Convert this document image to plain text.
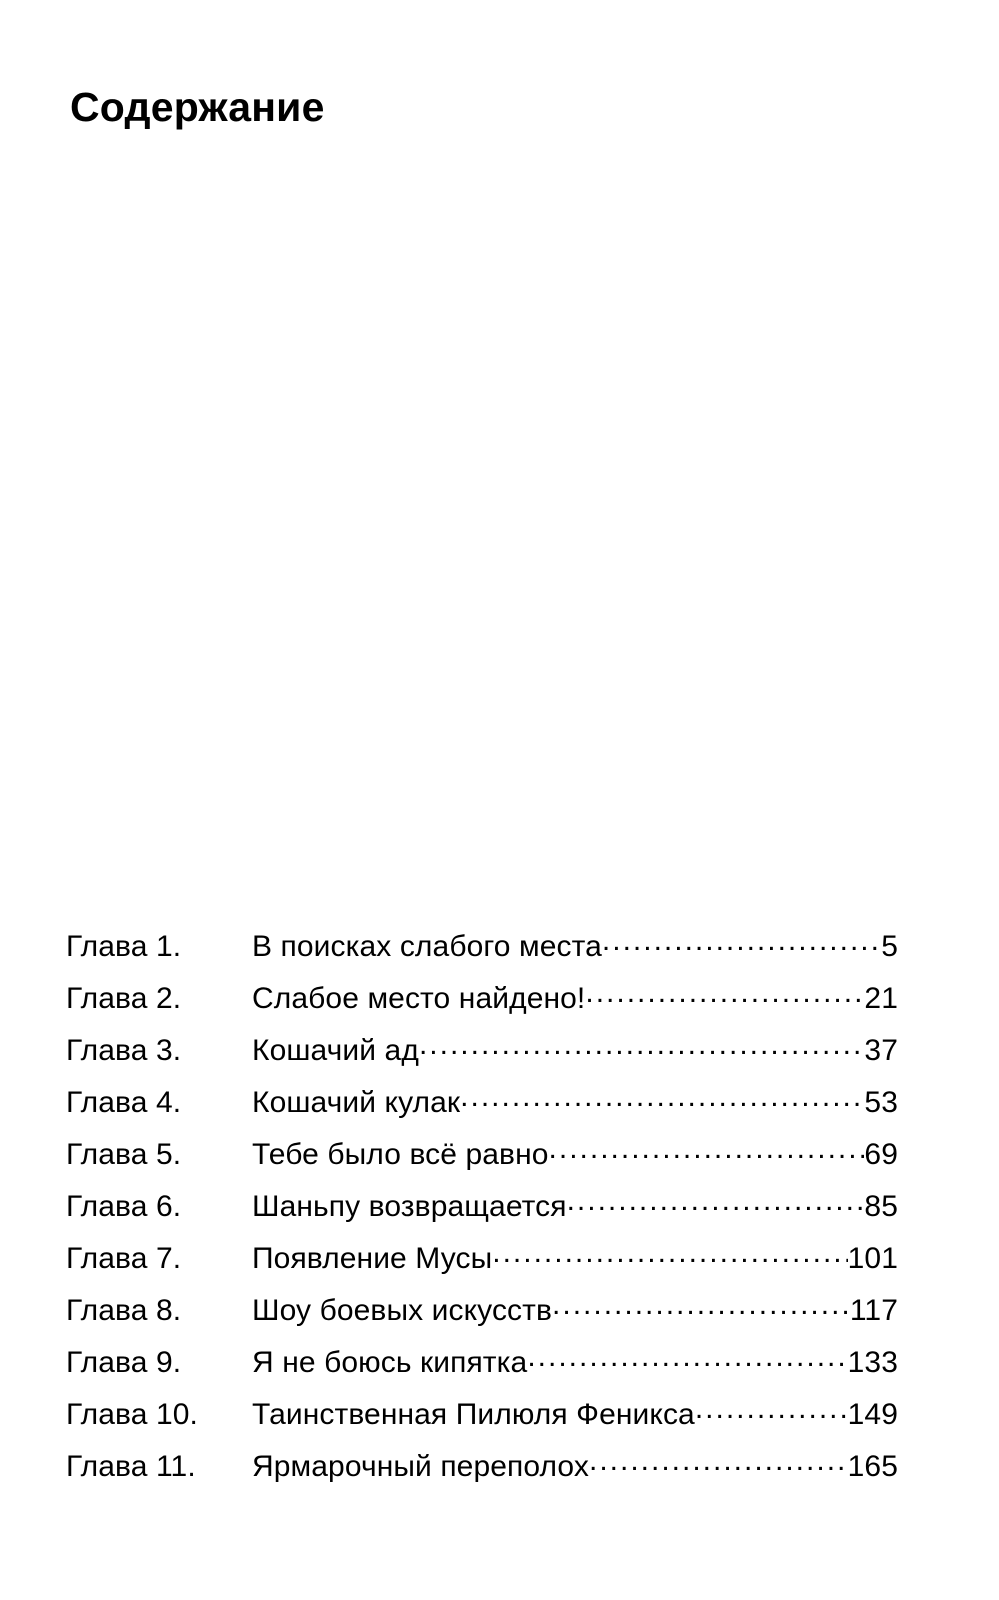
Содержание
Глава 1.	В поисках слабого места .....	5
Глава 2.	Слабое место найдено! .....	21
Глава 3.	Кошачий ад .....	37
Глава 4.	Кошачий кулак .....	53
Глава 5.	Тебе было всё равно .....	69
Глава 6.	Шаньпу возвращается .....	85
Глава 7.	Появление Мусы .....	101
Глава 8.	Шоу боевых искусств .....	117
Глава 9.	Я не боюсь кипятка .....	133
Глава 10.	Таинственная Пилюля Феникса .....	149
Глава 11.	Ярмарочный переполох .....	165
